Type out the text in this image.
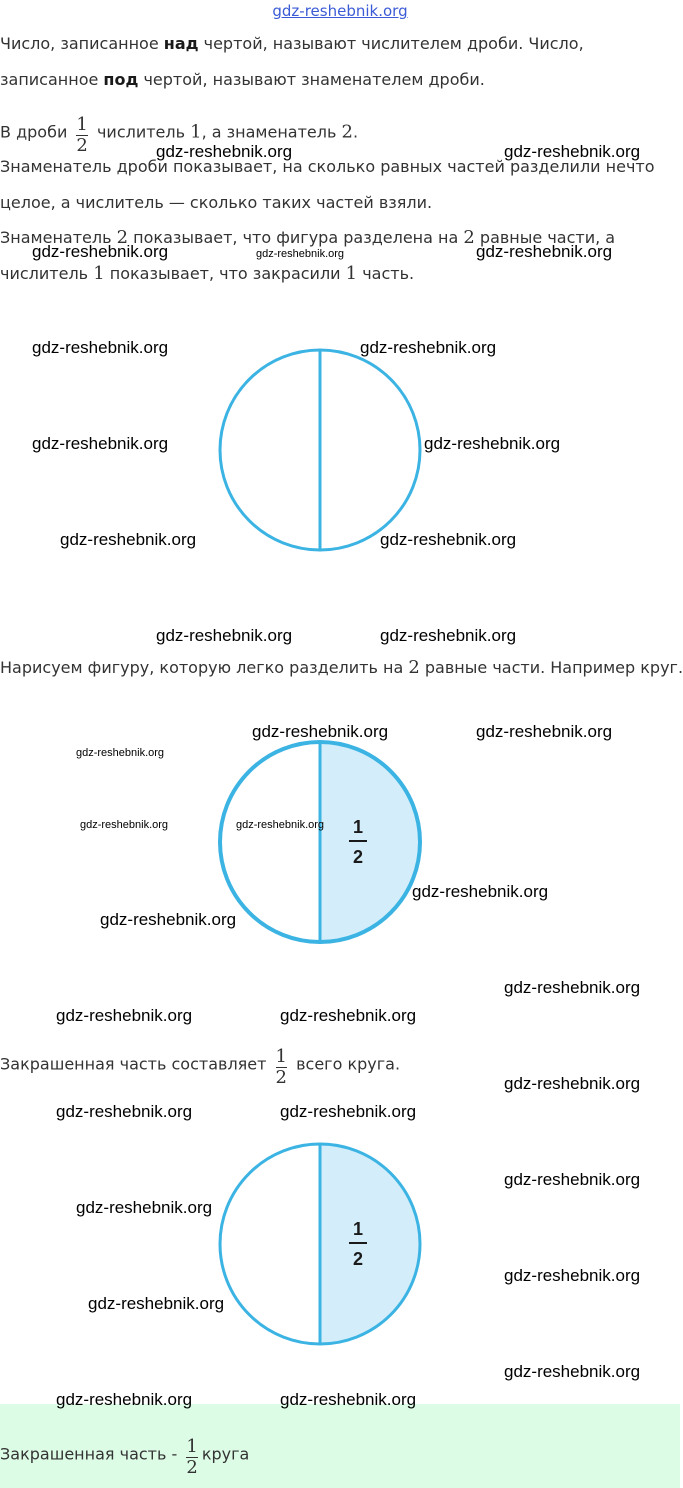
gdz-reshebnik.org
Число, записанное над чертой, называют числителем дроби. Число,
записанное под чертой, называют знаменателем дроби.
В дроби $\frac{1}{2}$ числитель 1, а знаменатель 2.
Знаменатель дроби показывает, на сколько равных частей разделили нечто
целое, а числитель — сколько таких частей взяли.
Знаменатель 2 показывает, что фигура разделена на 2 равные части, а
числитель 1 показывает, что закрасили 1 часть.
Нарисуем фигуру, которую легко разделить на 2 равные части. Например круг.
1
2
Закрашенная часть составляет $\frac{1}{2}$ всего круга.
1
2
Закрашенная часть - $\frac{1}{2}$ круга
gdz-reshebnik.org	gdz-reshebnik.org
gdz-reshebnik.org	gdz-reshebnik.org	gdz-reshebnik.org
gdz-reshebnik.org	gdz-reshebnik.org
gdz-reshebnik.org	gdz-reshebnik.org
gdz-reshebnik.org	gdz-reshebnik.org
gdz-reshebnik.org	gdz-reshebnik.org
gdz-reshebnik.org	gdz-reshebnik.org
gdz-reshebnik.org
gdz-reshebnik.org	gdz-reshebnik.org
gdz-reshebnik.org
gdz-reshebnik.org
gdz-reshebnik.org
gdz-reshebnik.org	gdz-reshebnik.org
gdz-reshebnik.org
gdz-reshebnik.org	gdz-reshebnik.org
gdz-reshebnik.org
gdz-reshebnik.org
gdz-reshebnik.org
gdz-reshebnik.org
gdz-reshebnik.org
gdz-reshebnik.org	gdz-reshebnik.org
